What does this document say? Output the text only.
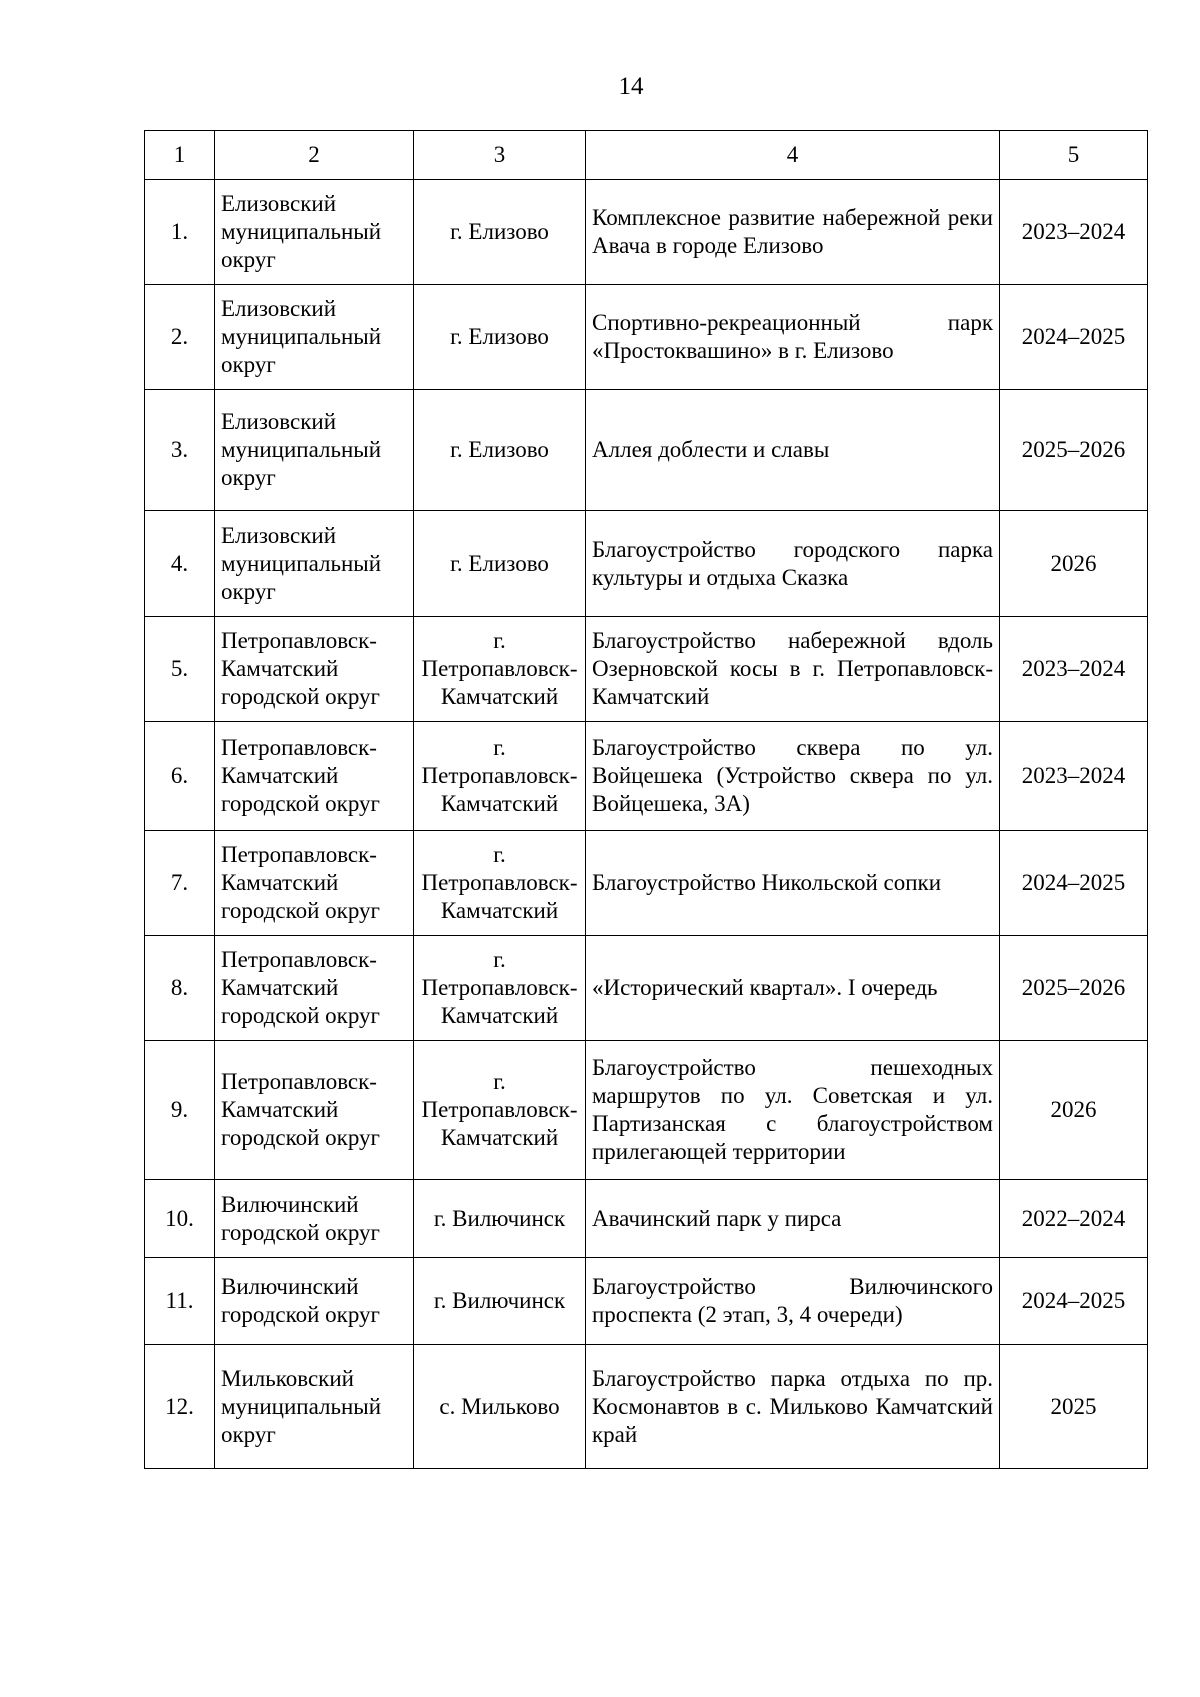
14
1	2	3	4	5
1.	Елизовский муниципальный округ	г. Елизово	Комплексное развитие набережной реки Авача в городе Елизово	2023–2024
2.	Елизовский муниципальный округ	г. Елизово	Спортивно-рекреационный парк «Простоквашино» в г. Елизово	2024–2025
3.	Елизовский муниципальный округ	г. Елизово	Аллея доблести и славы	2025–2026
4.	Елизовский муниципальный округ	г. Елизово	Благоустройство городского парка культуры и отдыха Сказка	2026
5.	Петропавловск-Камчатский городской округ	г. Петропавловск-Камчатский	Благоустройство набережной вдоль Озерновской косы в г. Петропавловск-Камчатский	2023–2024
6.	Петропавловск-Камчатский городской округ	г. Петропавловск-Камчатский	Благоустройство сквера по ул. Войцешека (Устройство сквера по ул. Войцешека, 3А)	2023–2024
7.	Петропавловск-Камчатский городской округ	г. Петропавловск-Камчатский	Благоустройство Никольской сопки	2024–2025
8.	Петропавловск-Камчатский городской округ	г. Петропавловск-Камчатский	«Исторический квартал». I очередь	2025–2026
9.	Петропавловск-Камчатский городской округ	г. Петропавловск-Камчатский	Благоустройство пешеходных маршрутов по ул. Советская и ул. Партизанская с благоустройством прилегающей территории	2026
10.	Вилючинский городской округ	г. Вилючинск	Авачинский парк у пирса	2022–2024
11.	Вилючинский городской округ	г. Вилючинск	Благоустройство Вилючинского проспекта (2 этап, 3, 4 очереди)	2024–2025
12.	Мильковский муниципальный округ	с. Мильково	Благоустройство парка отдыха по пр. Космонавтов в с. Мильково Камчатский край	2025
